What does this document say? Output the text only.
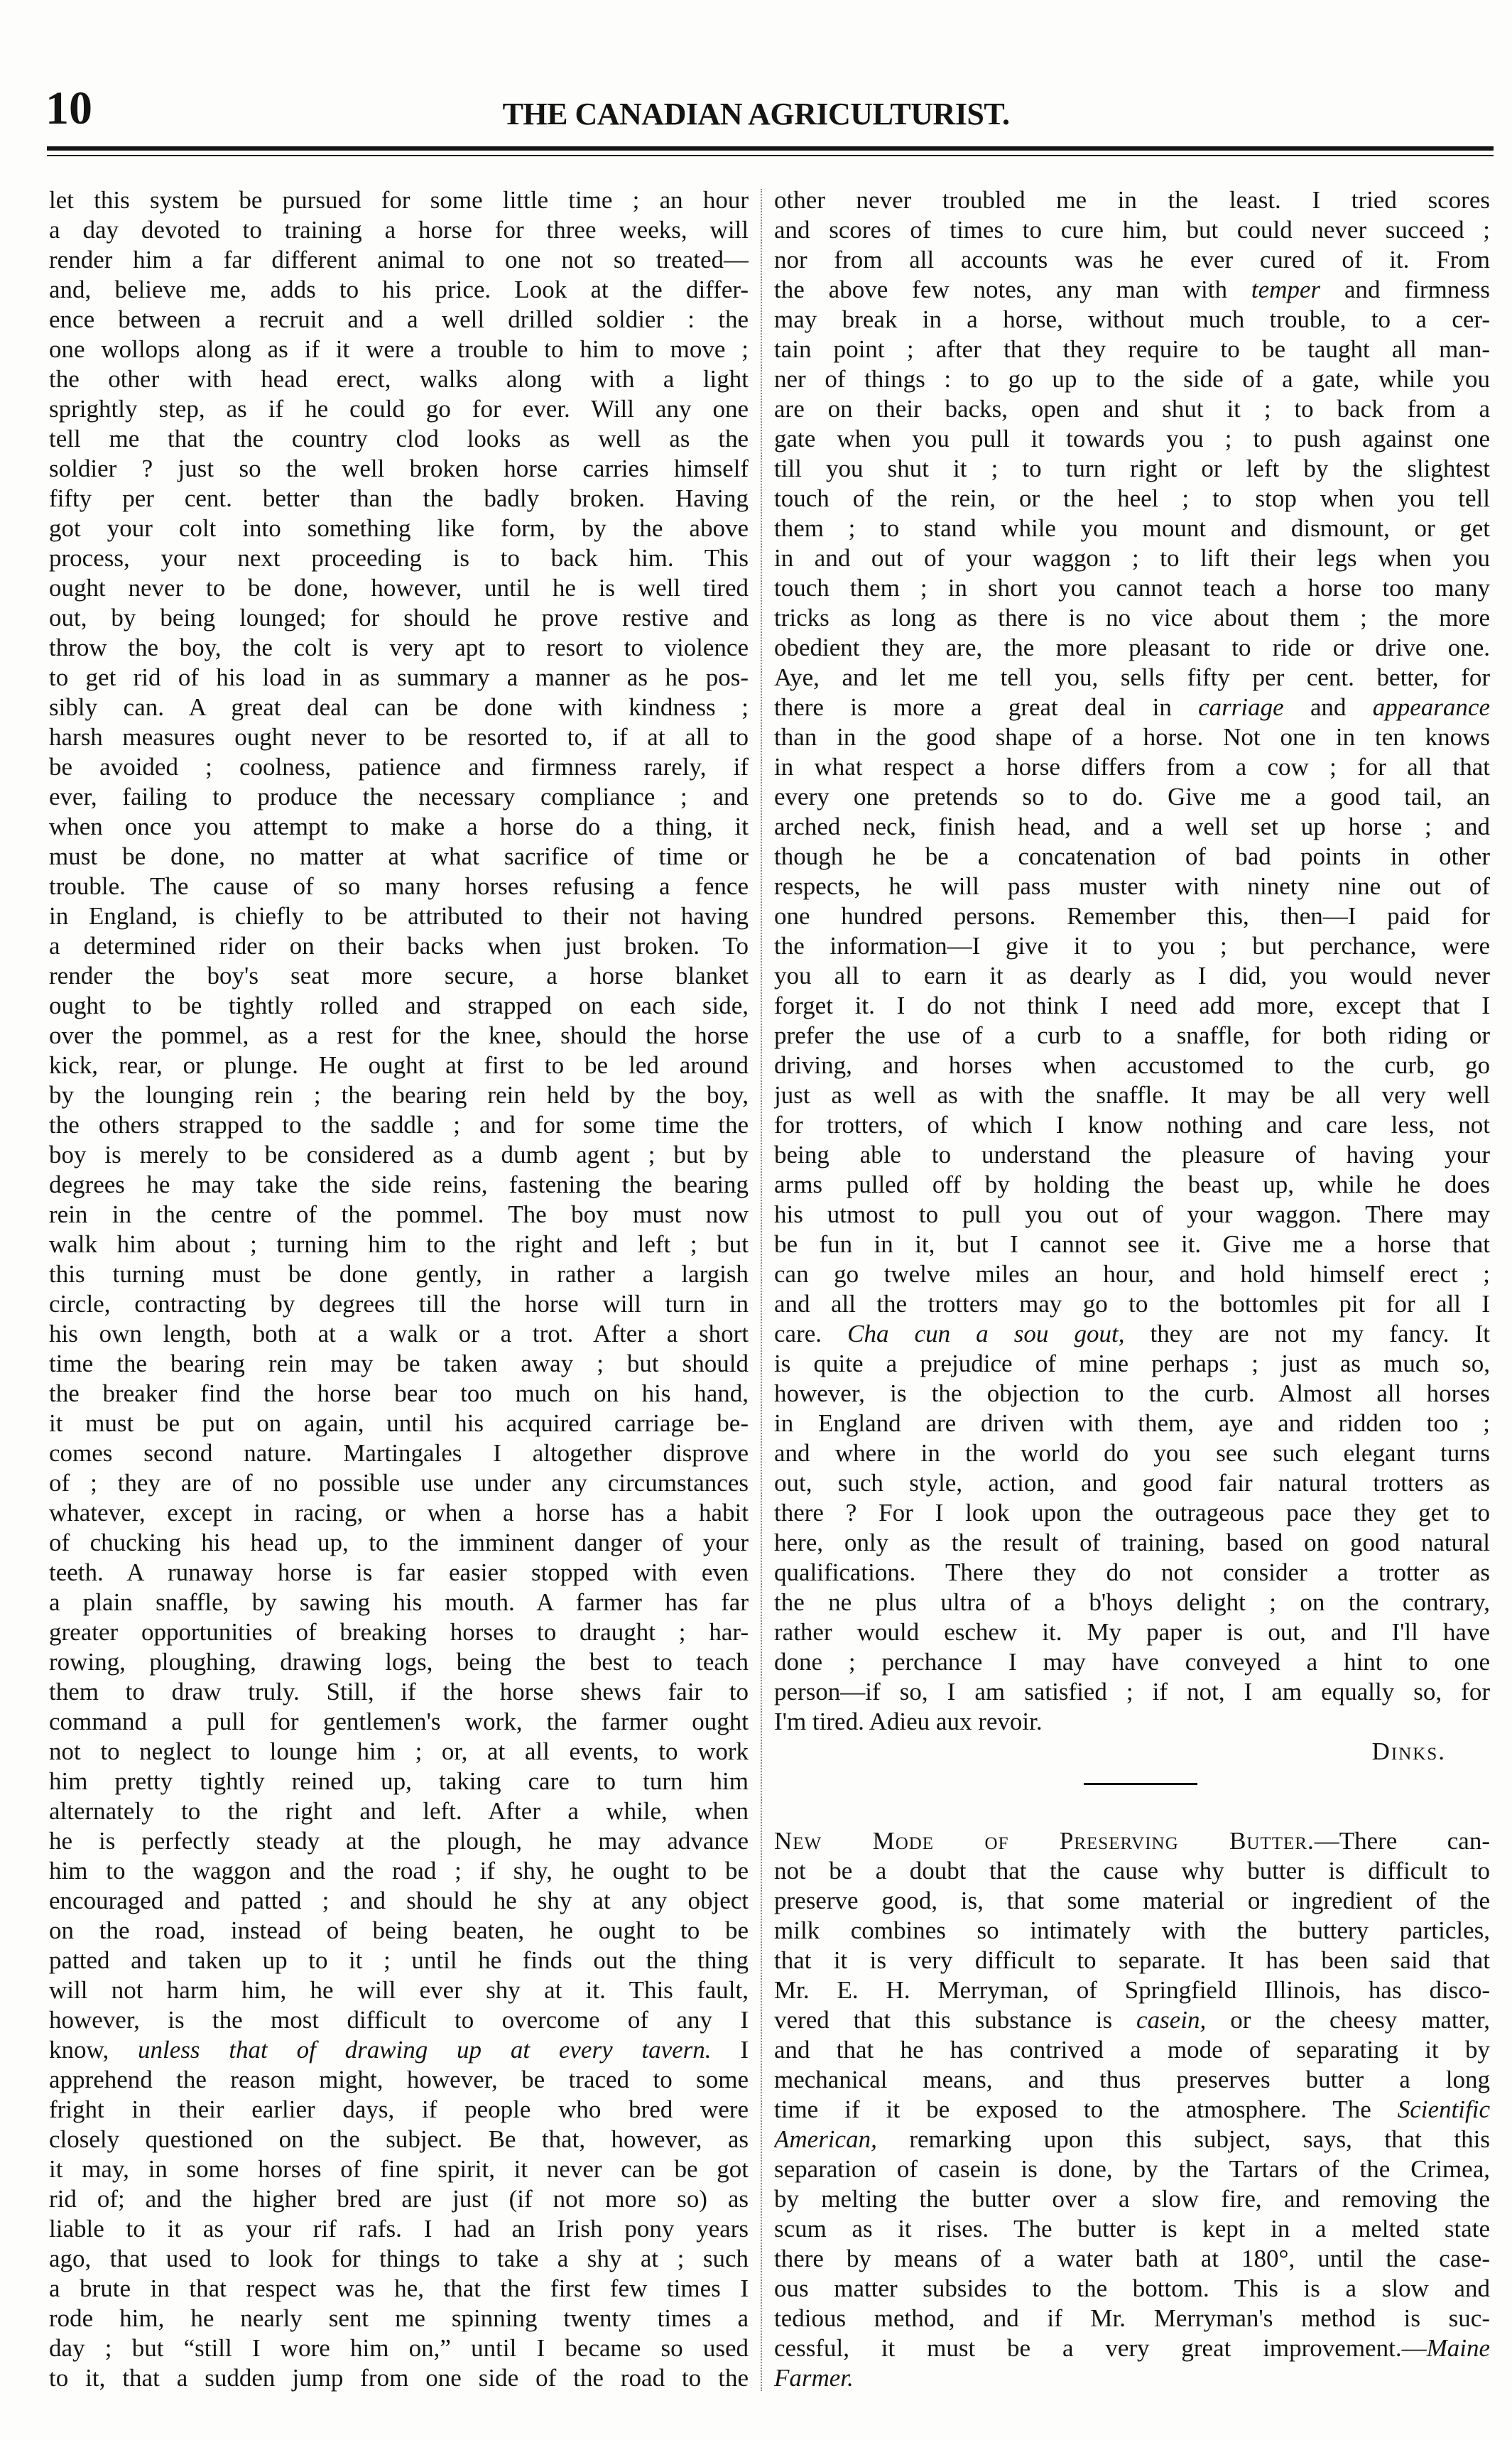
10	THE CANADIAN AGRICULTURIST.
let this system be pursued for some little time ; an hour
a day devoted to training a horse for three weeks, will
render him a far different animal to one not so treated—
and, believe me, adds to his price. Look at the differ-
ence between a recruit and a well drilled soldier : the
one wollops along as if it were a trouble to him to move ;
the other with head erect, walks along with a light
sprightly step, as if he could go for ever. Will any one
tell me that the country clod looks as well as the
soldier ? just so the well broken horse carries himself
fifty per cent. better than the badly broken. Having
got your colt into something like form, by the above
process, your next proceeding is to back him. This
ought never to be done, however, until he is well tired
out, by being lounged; for should he prove restive and
throw the boy, the colt is very apt to resort to violence
to get rid of his load in as summary a manner as he pos-
sibly can. A great deal can be done with kindness ;
harsh measures ought never to be resorted to, if at all to
be avoided ; coolness, patience and firmness rarely, if
ever, failing to produce the necessary compliance ; and
when once you attempt to make a horse do a thing, it
must be done, no matter at what sacrifice of time or
trouble. The cause of so many horses refusing a fence
in England, is chiefly to be attributed to their not having
a determined rider on their backs when just broken. To
render the boy's seat more secure, a horse blanket
ought to be tightly rolled and strapped on each side,
over the pommel, as a rest for the knee, should the horse
kick, rear, or plunge. He ought at first to be led around
by the lounging rein ; the bearing rein held by the boy,
the others strapped to the saddle ; and for some time the
boy is merely to be considered as a dumb agent ; but by
degrees he may take the side reins, fastening the bearing
rein in the centre of the pommel. The boy must now
walk him about ; turning him to the right and left ; but
this turning must be done gently, in rather a largish
circle, contracting by degrees till the horse will turn in
his own length, both at a walk or a trot. After a short
time the bearing rein may be taken away ; but should
the breaker find the horse bear too much on his hand,
it must be put on again, until his acquired carriage be-
comes second nature. Martingales I altogether disprove
of ; they are of no possible use under any circumstances
whatever, except in racing, or when a horse has a habit
of chucking his head up, to the imminent danger of your
teeth. A runaway horse is far easier stopped with even
a plain snaffle, by sawing his mouth. A farmer has far
greater opportunities of breaking horses to draught ; har-
rowing, ploughing, drawing logs, being the best to teach
them to draw truly. Still, if the horse shews fair to
command a pull for gentlemen's work, the farmer ought
not to neglect to lounge him ; or, at all events, to work
him pretty tightly reined up, taking care to turn him
alternately to the right and left. After a while, when
he is perfectly steady at the plough, he may advance
him to the waggon and the road ; if shy, he ought to be
encouraged and patted ; and should he shy at any object
on the road, instead of being beaten, he ought to be
patted and taken up to it ; until he finds out the thing
will not harm him, he will ever shy at it. This fault,
however, is the most difficult to overcome of any I
know, unless that of drawing up at every tavern. I
apprehend the reason might, however, be traced to some
fright in their earlier days, if people who bred were
closely questioned on the subject. Be that, however, as
it may, in some horses of fine spirit, it never can be got
rid of; and the higher bred are just (if not more so) as
liable to it as your rif rafs. I had an Irish pony years
ago, that used to look for things to take a shy at ; such
a brute in that respect was he, that the first few times I
rode him, he nearly sent me spinning twenty times a
day ; but “still I wore him on,” until I became so used
to it, that a sudden jump from one side of the road to the
other never troubled me in the least. I tried scores
and scores of times to cure him, but could never succeed ;
nor from all accounts was he ever cured of it. From
the above few notes, any man with temper and firmness
may break in a horse, without much trouble, to a cer-
tain point ; after that they require to be taught all man-
ner of things : to go up to the side of a gate, while you
are on their backs, open and shut it ; to back from a
gate when you pull it towards you ; to push against one
till you shut it ; to turn right or left by the slightest
touch of the rein, or the heel ; to stop when you tell
them ; to stand while you mount and dismount, or get
in and out of your waggon ; to lift their legs when you
touch them ; in short you cannot teach a horse too many
tricks as long as there is no vice about them ; the more
obedient they are, the more pleasant to ride or drive one.
Aye, and let me tell you, sells fifty per cent. better, for
there is more a great deal in carriage and appearance
than in the good shape of a horse. Not one in ten knows
in what respect a horse differs from a cow ; for all that
every one pretends so to do. Give me a good tail, an
arched neck, finish head, and a well set up horse ; and
though he be a concatenation of bad points in other
respects, he will pass muster with ninety nine out of
one hundred persons. Remember this, then—I paid for
the information—I give it to you ; but perchance, were
you all to earn it as dearly as I did, you would never
forget it. I do not think I need add more, except that I
prefer the use of a curb to a snaffle, for both riding or
driving, and horses when accustomed to the curb, go
just as well as with the snaffle. It may be all very well
for trotters, of which I know nothing and care less, not
being able to understand the pleasure of having your
arms pulled off by holding the beast up, while he does
his utmost to pull you out of your waggon. There may
be fun in it, but I cannot see it. Give me a horse that
can go twelve miles an hour, and hold himself erect ;
and all the trotters may go to the bottomles pit for all I
care. Cha cun a sou gout, they are not my fancy. It
is quite a prejudice of mine perhaps ; just as much so,
however, is the objection to the curb. Almost all horses
in England are driven with them, aye and ridden too ;
and where in the world do you see such elegant turns
out, such style, action, and good fair natural trotters as
there ? For I look upon the outrageous pace they get to
here, only as the result of training, based on good natural
qualifications. There they do not consider a trotter as
the ne plus ultra of a b'hoys delight ; on the contrary,
rather would eschew it. My paper is out, and I'll have
done ; perchance I may have conveyed a hint to one
person—if so, I am satisfied ; if not, I am equally so, for
I'm tired. Adieu aux revoir.
Dinks.
New Mode of Preserving Butter.—There can-
not be a doubt that the cause why butter is difficult to
preserve good, is, that some material or ingredient of the
milk combines so intimately with the buttery particles,
that it is very difficult to separate. It has been said that
Mr. E. H. Merryman, of Springfield Illinois, has disco-
vered that this substance is casein, or the cheesy matter,
and that he has contrived a mode of separating it by
mechanical means, and thus preserves butter a long
time if it be exposed to the atmosphere. The Scientific
American, remarking upon this subject, says, that this
separation of casein is done, by the Tartars of the Crimea,
by melting the butter over a slow fire, and removing the
scum as it rises. The butter is kept in a melted state
there by means of a water bath at 180°, until the case-
ous matter subsides to the bottom. This is a slow and
tedious method, and if Mr. Merryman's method is suc-
cessful, it must be a very great improvement.—Maine
Farmer.
